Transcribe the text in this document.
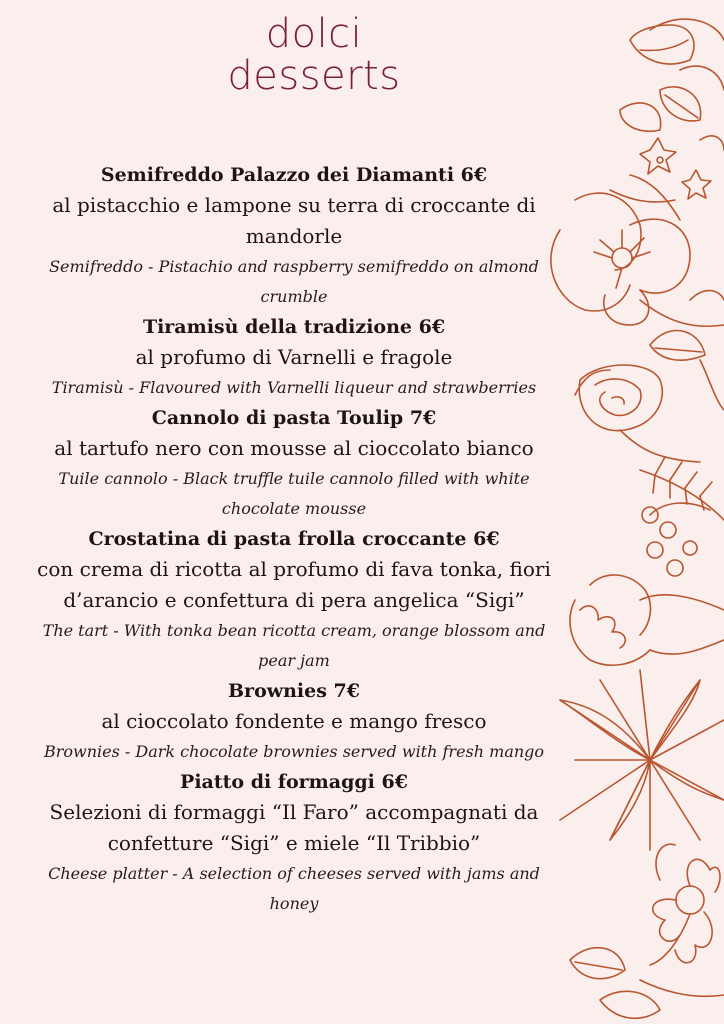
dolci
desserts
Semifreddo Palazzo dei Diamanti 6€
al pistacchio e lampone su terra di croccante di mandorle
Semifreddo - Pistachio and raspberry semifreddo on almond crumble
Tiramisù della tradizione 6€
al profumo di Varnelli e fragole
Tiramisù - Flavoured with Varnelli liqueur and strawberries
Cannolo di pasta Toulip 7€
al tartufo nero con mousse al cioccolato bianco
Tuile cannolo - Black truffle tuile cannolo filled with white chocolate mousse
Crostatina di pasta frolla croccante 6€
con crema di ricotta al profumo di fava tonka, fiori d’arancio e confettura di pera angelica “Sigi”
The tart - With tonka bean ricotta cream, orange blossom and pear jam
Brownies 7€
al cioccolato fondente e mango fresco
Brownies - Dark chocolate brownies served with fresh mango
Piatto di formaggi 6€
Selezioni di formaggi “Il Faro” accompagnati da confetture “Sigi” e miele “Il Tribbio”
Cheese platter - A selection of cheeses served with jams and honey
